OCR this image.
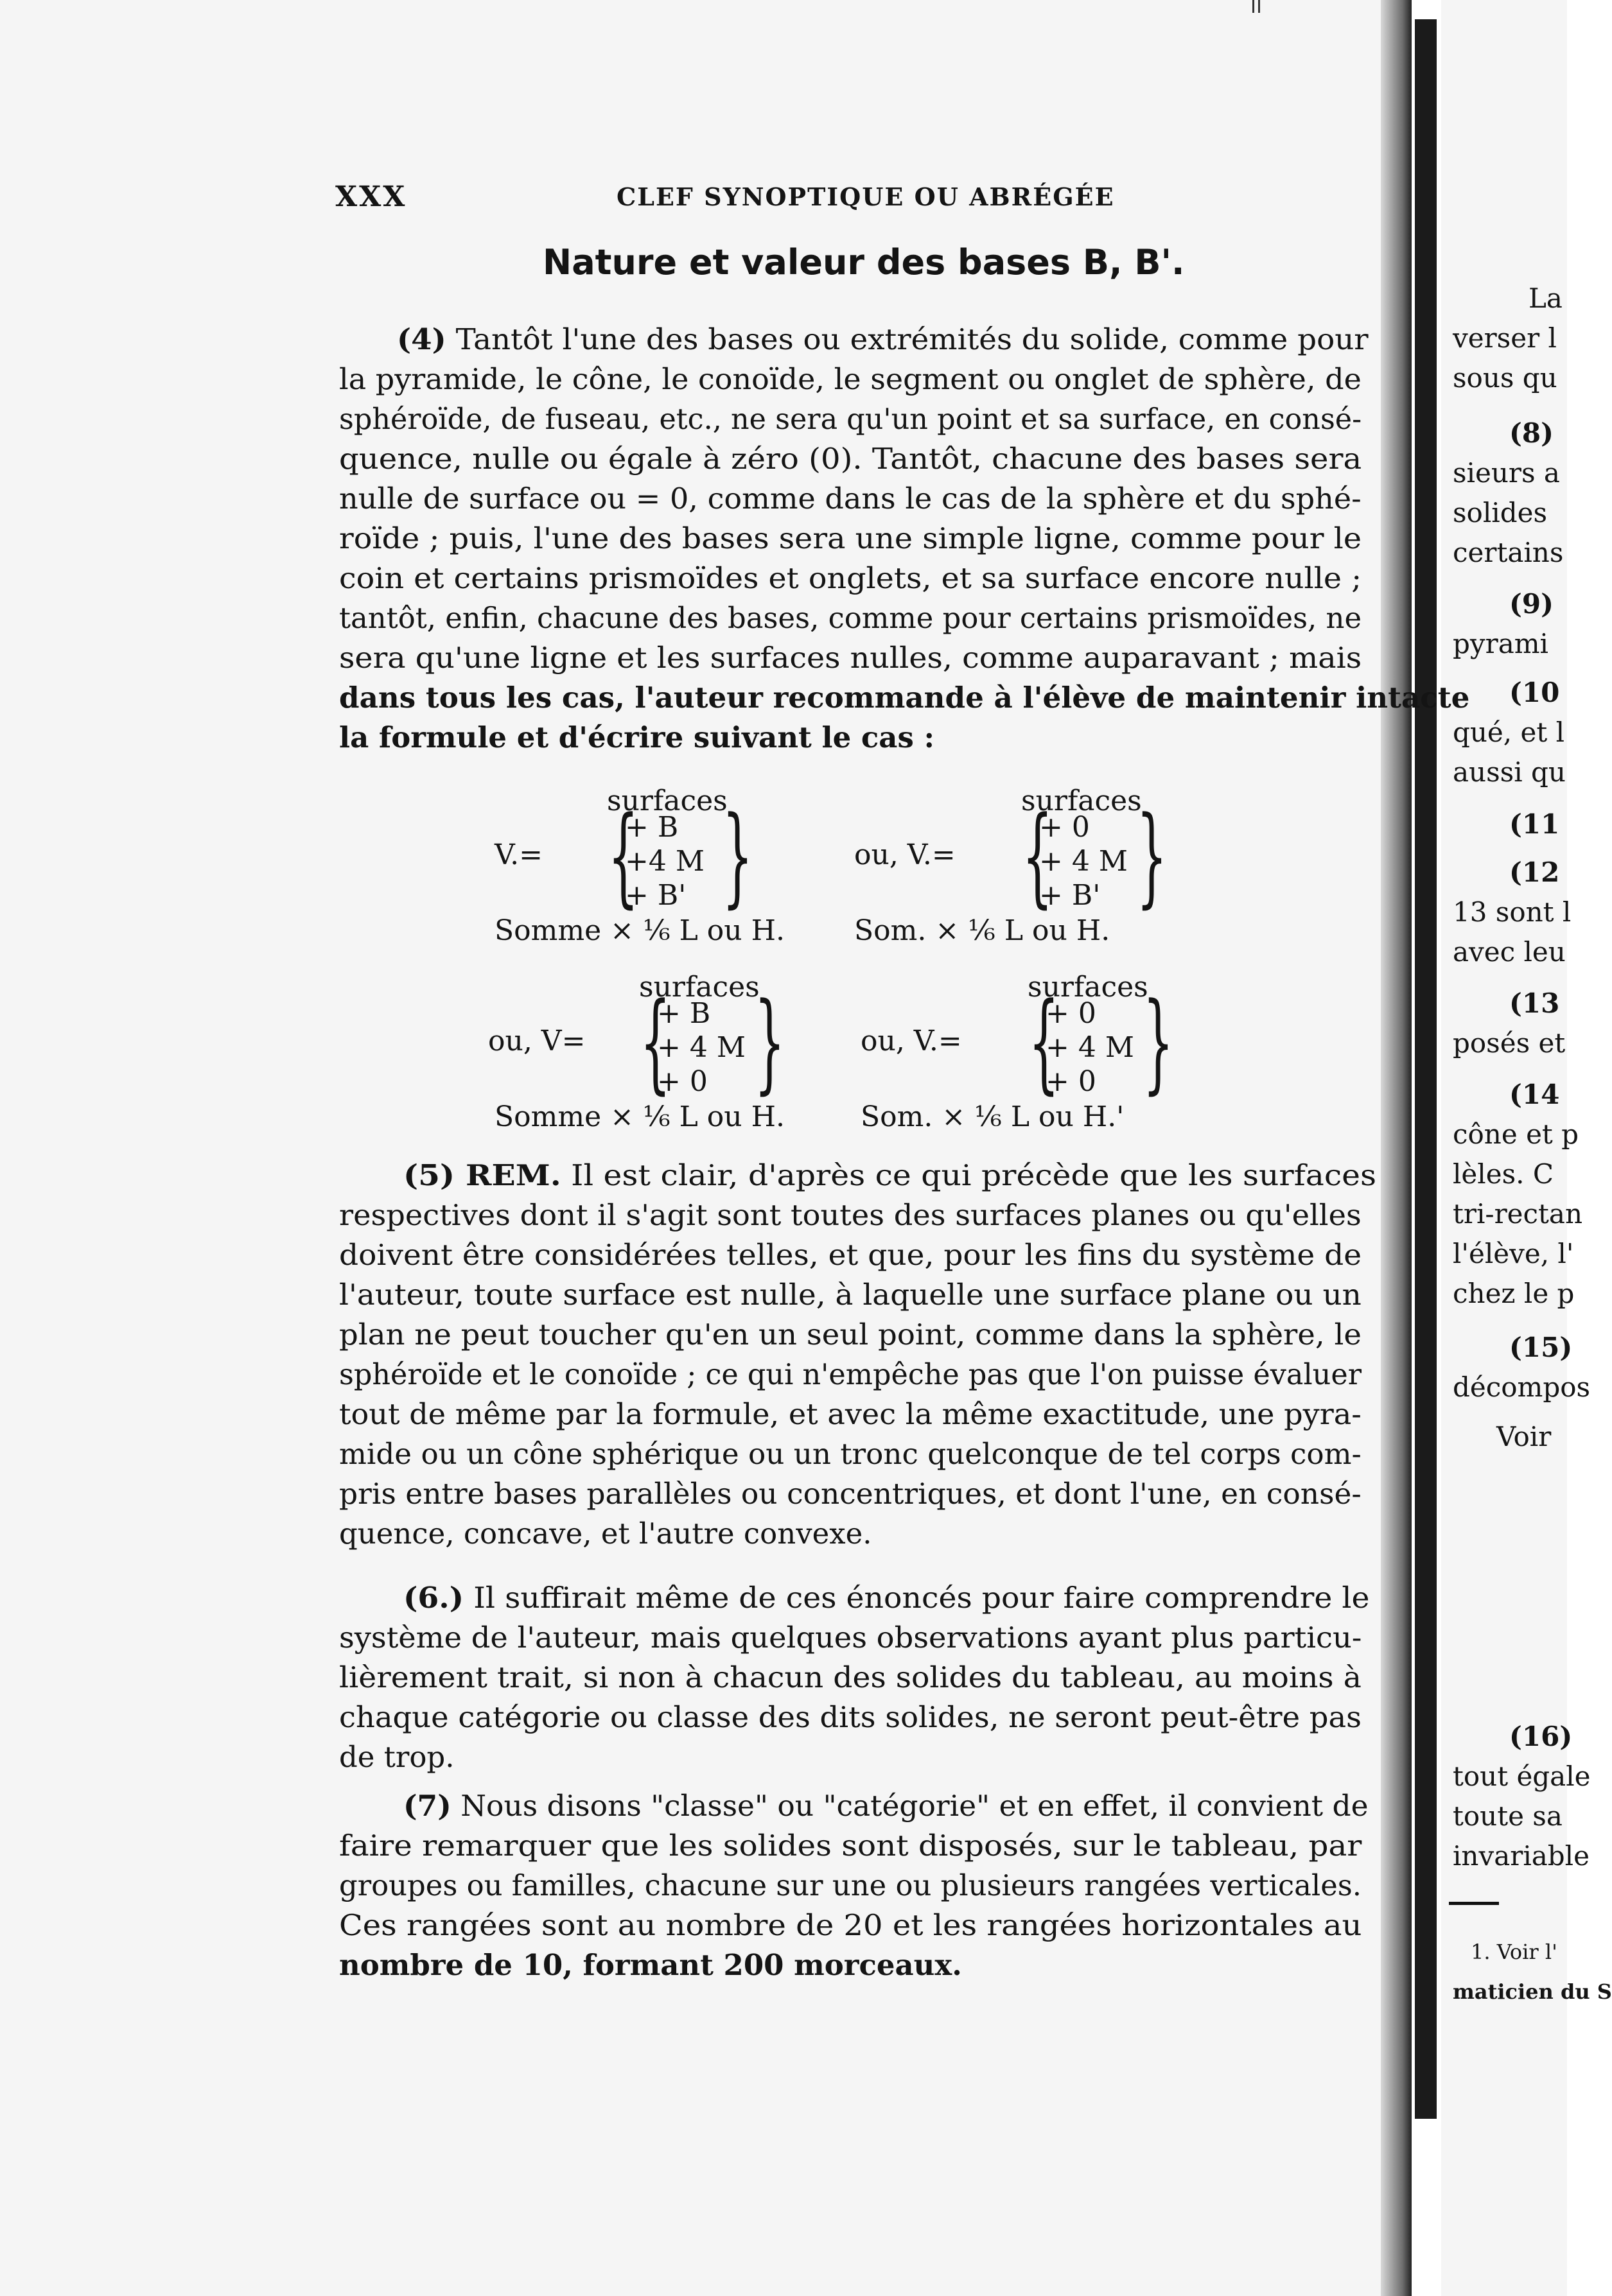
XXX	CLEF SYNOPTIQUE OU ABRÉGÉE
Nature et valeur des bases B, B'.
(4) Tantôt l'une des bases ou extrémités du solide, comme pour
la pyramide, le cône, le conoïde, le segment ou onglet de sphère, de
sphéroïde, de fuseau, etc., ne sera qu'un point et sa surface, en consé-
quence, nulle ou égale à zéro (0). Tantôt, chacune des bases sera
nulle de surface ou = 0, comme dans le cas de la sphère et du sphé-
roïde ; puis, l'une des bases sera une simple ligne, comme pour le
coin et certains prismoïdes et onglets, et sa surface encore nulle ;
tantôt, enfin, chacune des bases, comme pour certains prismoïdes, ne
sera qu'une ligne et les surfaces nulles, comme auparavant ; mais
dans tous les cas, l'auteur recommande à l'élève de maintenir intacte
la formule et d'écrire suivant le cas :
(5) REM. Il est clair, d'après ce qui précède que les surfaces
respectives dont il s'agit sont toutes des surfaces planes ou qu'elles
doivent être considérées telles, et que, pour les fins du système de
l'auteur, toute surface est nulle, à laquelle une surface plane ou un
plan ne peut toucher qu'en un seul point, comme dans la sphère, le
sphéroïde et le conoïde ; ce qui n'empêche pas que l'on puisse évaluer
tout de même par la formule, et avec la même exactitude, une pyra-
mide ou un cône sphérique ou un tronc quelconque de tel corps com-
pris entre bases parallèles ou concentriques, et dont l'une, en consé-
quence, concave, et l'autre convexe.
(6.) Il suffirait même de ces énoncés pour faire comprendre le
système de l'auteur, mais quelques observations ayant plus particu-
lièrement trait, si non à chacun des solides du tableau, au moins à
chaque catégorie ou classe des dits solides, ne seront peut-être pas
de trop.
(7) Nous disons "classe" ou "catégorie" et en effet, il convient de
faire remarquer que les solides sont disposés, sur le tableau, par
groupes ou familles, chacune sur une ou plusieurs rangées verticales.
Ces rangées sont au nombre de 20 et les rangées horizontales au
nombre de 10, formant 200 morceaux.
V.=
surfaces
{
+ B
+4 M
+ B' }
Somme × ⅙ L ou H.
ou, V.=
surfaces
{
+ 0
+ 4 M
+ B' }
Som. × ⅙ L ou H.
ou, V=
surfaces
{
+ B
+ 4 M
+ 0 }
Somme × ⅙ L ou H.
ou, V.=
surfaces
{
+ 0
+ 4 M
+ 0 }
Som. × ⅙ L ou H.'
La
verser l
sous qu
(8)
sieurs a
solides
certains
(9)
pyrami
(10
qué, et l
aussi qu
(11
(12
13 sont l
avec leu
(13
posés et
(14
cône et p
lèles. C
tri-rectan
l'élève, l'
chez le p
(15)
décompos
Voir
(16)
tout égale
toute sa
invariable
1. Voir l'
maticien du S
